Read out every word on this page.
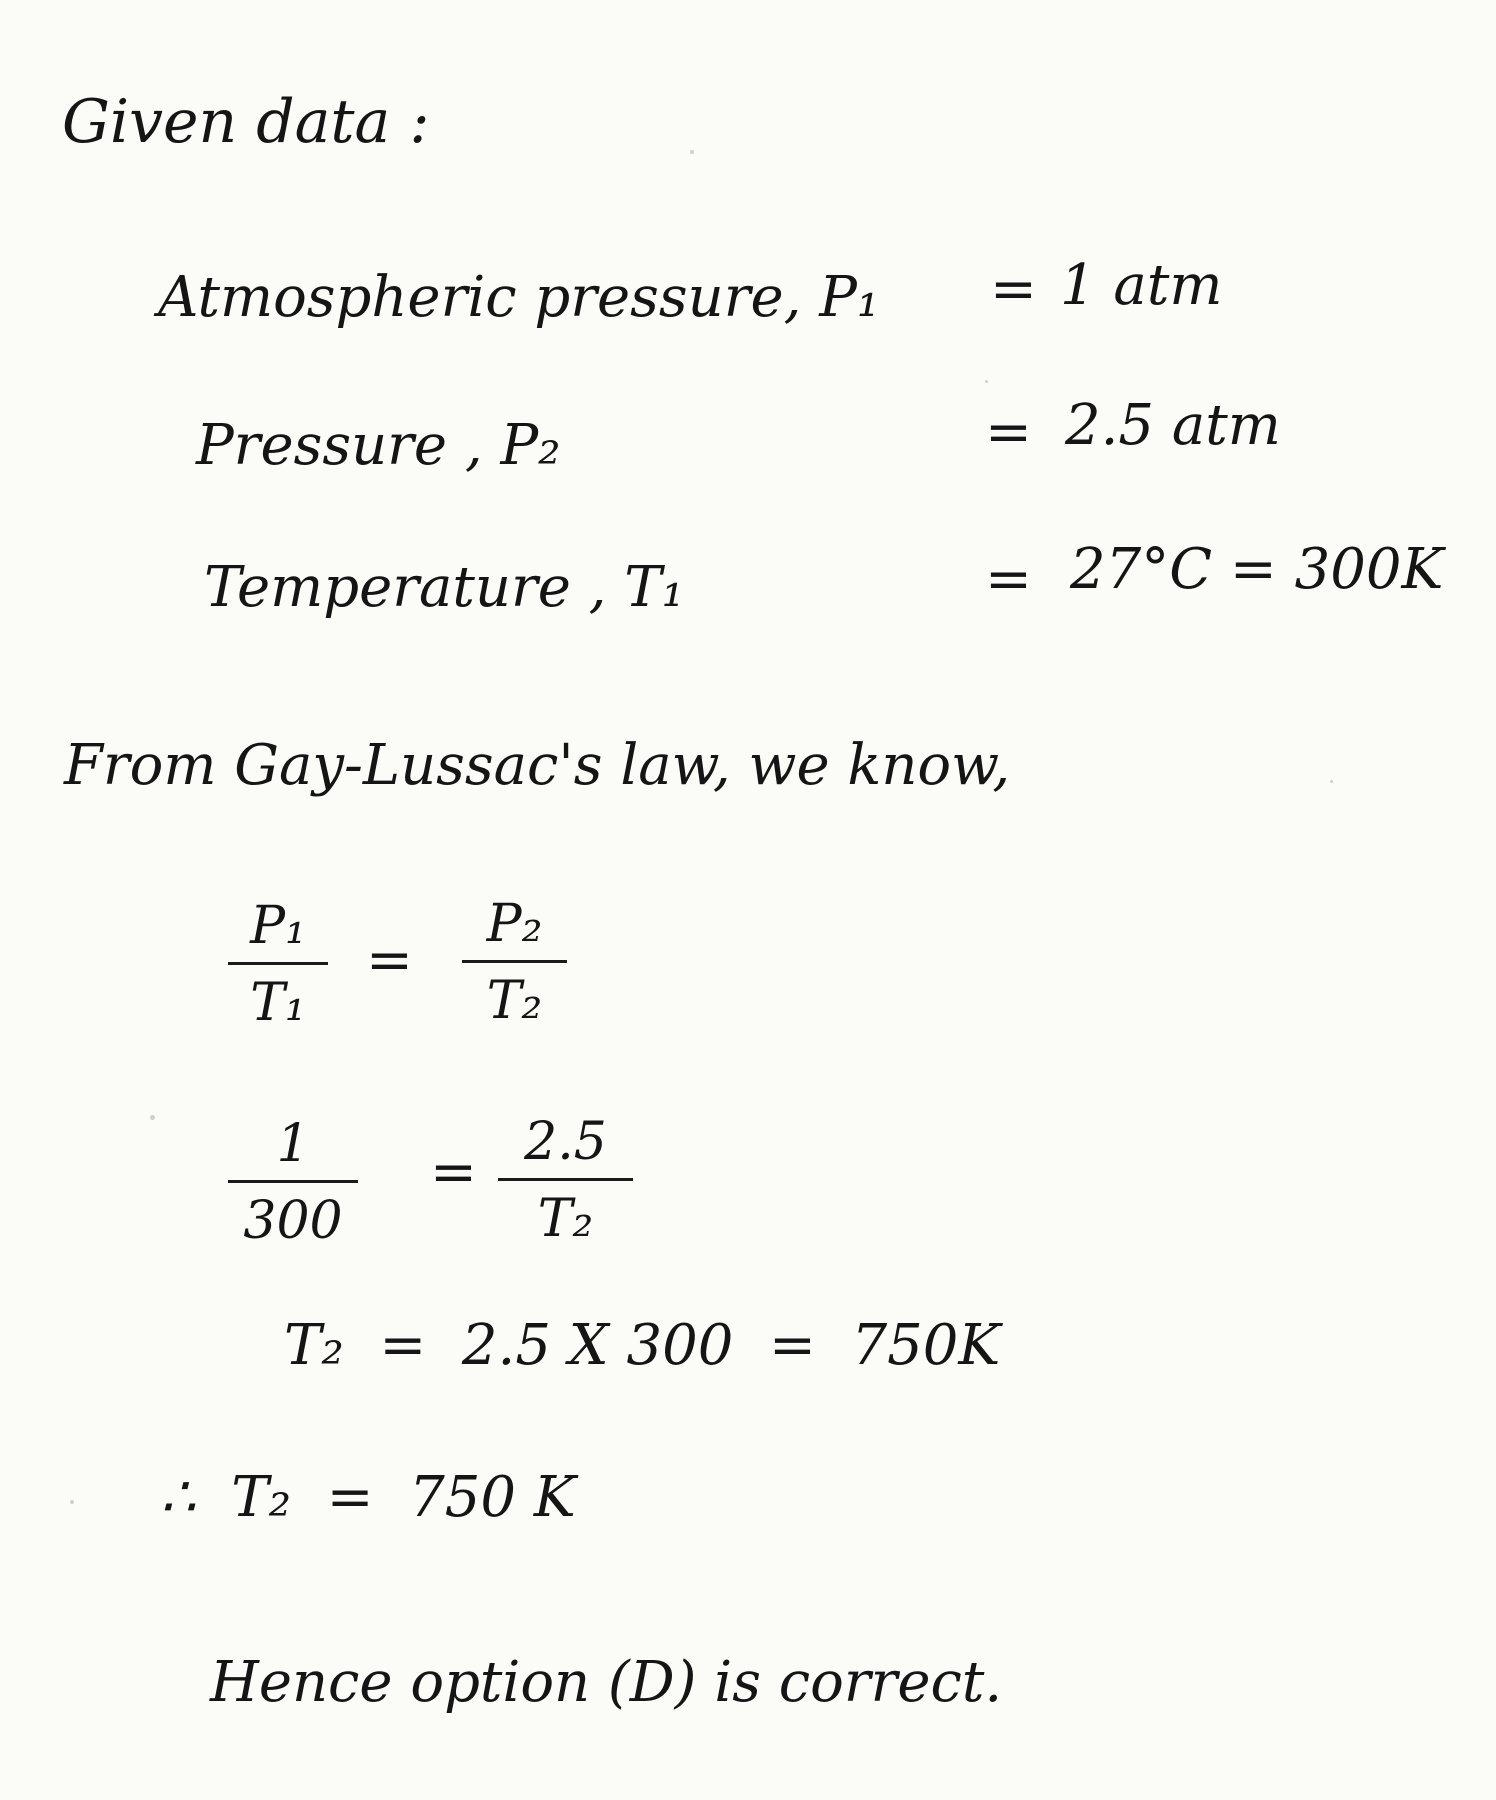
Given data :
Atmospheric pressure, P₁ = 1 atm
Pressure , P₂	= 2.5 atm
Temperature , T₁	= 27°C = 300K
From Gay-Lussac's law, we know,
P₁
T₁
=
P₂
T₂
1
300
= 2.5
T₂
T₂  =  2.5 X 300  =  750K
∴  T₂  =  750 K
Hence option (D) is correct.
